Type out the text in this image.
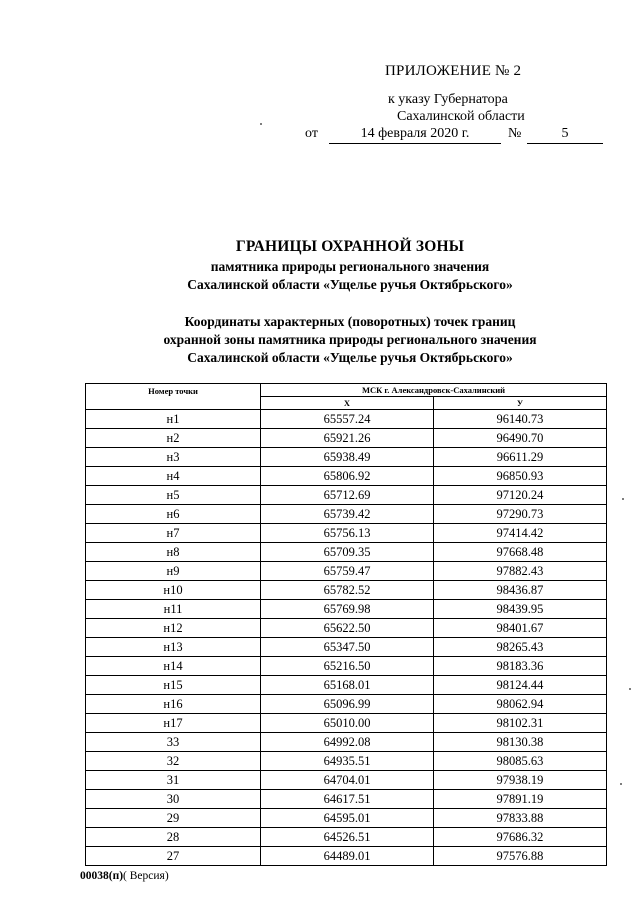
ПРИЛОЖЕНИЕ № 2
к указу Губернатора
Сахалинской области
от	14 февраля 2020 г.	№	5
ГРАНИЦЫ ОХРАННОЙ ЗОНЫ
памятника природы регионального значения
Сахалинской области «Ущелье ручья Октябрьского»
Координаты характерных (поворотных) точек границ
охранной зоны памятника природы регионального значения
Сахалинской области «Ущелье ручья Октябрьского»
Номер точки	МСК г. Александровск-Сахалинский	
	X	У
н1	65557.24	96140.73
н2	65921.26	96490.70
н3	65938.49	96611.29
н4	65806.92	96850.93
н5	65712.69	97120.24
н6	65739.42	97290.73
н7	65756.13	97414.42
н8	65709.35	97668.48
н9	65759.47	97882.43
н10	65782.52	98436.87
н11	65769.98	98439.95
н12	65622.50	98401.67
н13	65347.50	98265.43
н14	65216.50	98183.36
н15	65168.01	98124.44
н16	65096.99	98062.94
н17	65010.00	98102.31
33	64992.08	98130.38
32	64935.51	98085.63
31	64704.01	97938.19
30	64617.51	97891.19
29	64595.01	97833.88
28	64526.51	97686.32
27	64489.01	97576.88
00038(п)( Версия)
